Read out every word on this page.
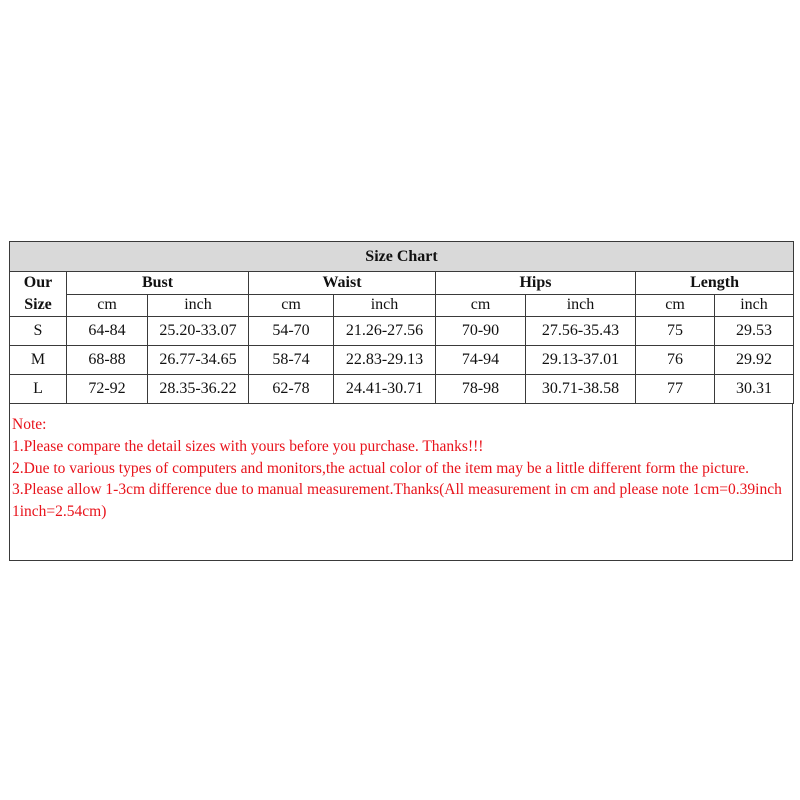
Size Chart								
Our
Size	Bust		Waist		Hips		Length	
	cm	inch	cm	inch	cm	inch	cm	inch
S	64-84	25.20-33.07	54-70	21.26-27.56	70-90	27.56-35.43	75	29.53
M	68-88	26.77-34.65	58-74	22.83-29.13	74-94	29.13-37.01	76	29.92
L	72-92	28.35-36.22	62-78	24.41-30.71	78-98	30.71-38.58	77	30.31

Note:

1.Please compare the detail sizes with yours before you purchase. Thanks!!!

2.Due to various types of computers and monitors,the actual color of the item may be a little different form the picture.

3.Please allow 1-3cm difference due to manual measurement.Thanks(All measurement in cm and please note 1cm=0.39inch 1inch=2.54cm)
